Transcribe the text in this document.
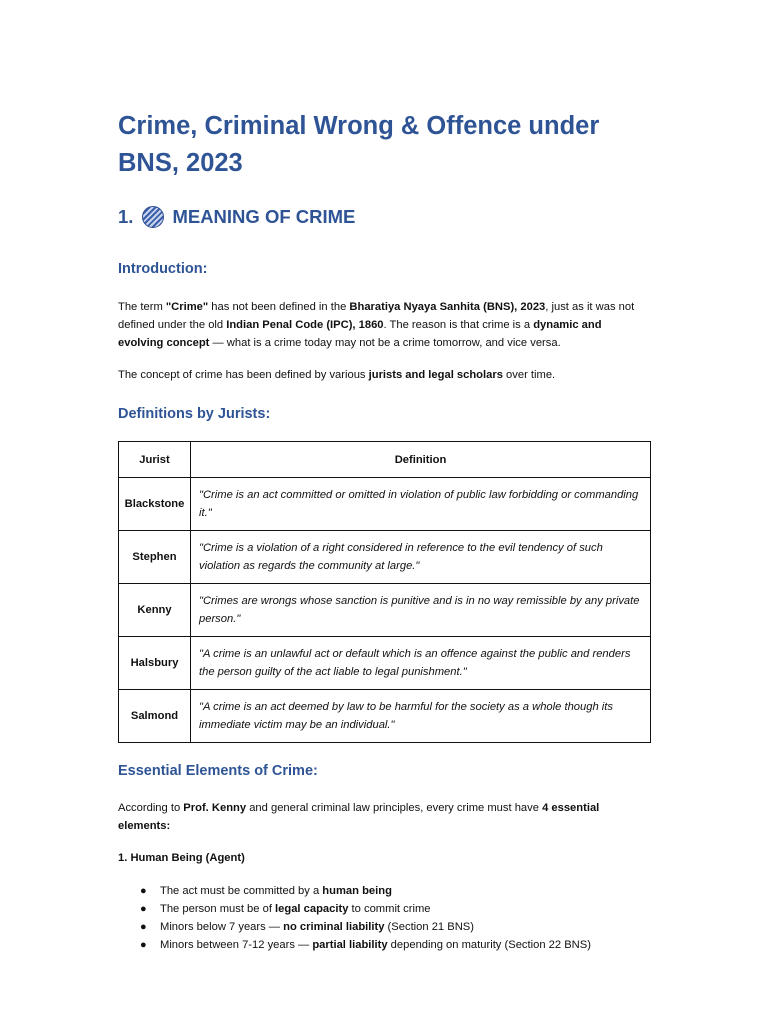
Crime, Criminal Wrong & Offence under BNS, 2023
1. MEANING OF CRIME
Introduction:

The term "Crime" has not been defined in the Bharatiya Nyaya Sanhita (BNS), 2023, just as it was not defined under the old Indian Penal Code (IPC), 1860. The reason is that crime is a dynamic and evolving concept — what is a crime today may not be a crime tomorrow, and vice versa.

The concept of crime has been defined by various jurists and legal scholars over time.

Definitions by Jurists:
Jurist	Definition
Blackstone	"Crime is an act committed or omitted in violation of public law forbidding or commanding it."
Stephen	"Crime is a violation of a right considered in reference to the evil tendency of such violation as regards the community at large."
Kenny	"Crimes are wrongs whose sanction is punitive and is in no way remissible by any private person."
Halsbury	"A crime is an unlawful act or default which is an offence against the public and renders the person guilty of the act liable to legal punishment."
Salmond	"A crime is an act deemed by law to be harmful for the society as a whole though its immediate victim may be an individual."
Essential Elements of Crime:

According to Prof. Kenny and general criminal law principles, every crime must have 4 essential elements:

1. Human Being (Agent)

● The act must be committed by a human being
● The person must be of legal capacity to commit crime
● Minors below 7 years — no criminal liability (Section 21 BNS)
● Minors between 7-12 years — partial liability depending on maturity (Section 22 BNS)
